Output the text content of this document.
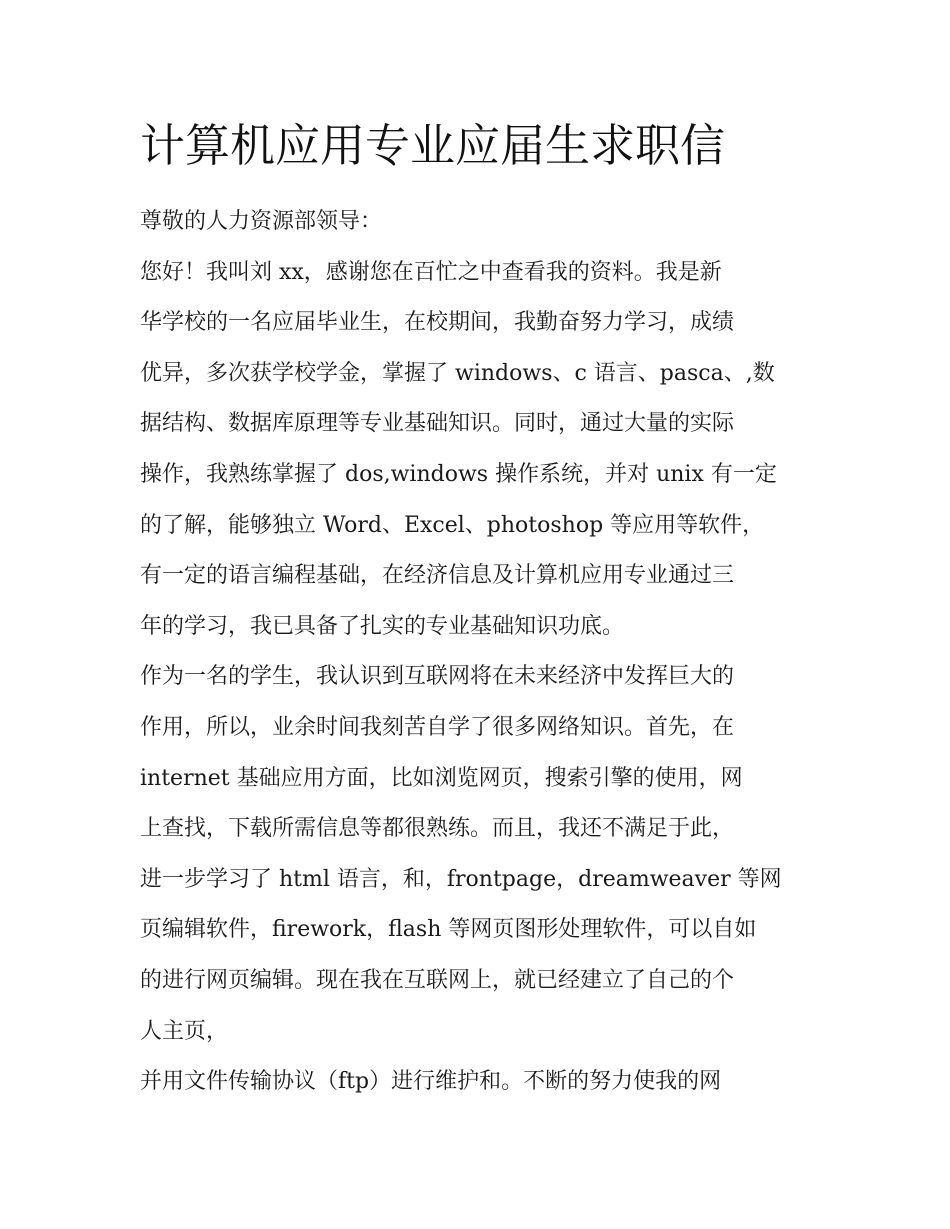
计算机应用专业应届生求职信

尊敬的人力资源部领导：

您好！我叫刘 xx，感谢您在百忙之中查看我的资料。我是新

华学校的一名应届毕业生，在校期间，我勤奋努力学习，成绩

优异，多次获学校学金，掌握了 windows、c 语言、pasca、,数

据结构、数据库原理等专业基础知识。同时，通过大量的实际

操作，我熟练掌握了 dos,windows 操作系统，并对 unix 有一定

的了解，能够独立 Word、Excel、photoshop 等应用等软件，

有一定的语言编程基础，在经济信息及计算机应用专业通过三

年的学习，我已具备了扎实的专业基础知识功底。

作为一名的学生，我认识到互联网将在未来经济中发挥巨大的

作用，所以，业余时间我刻苦自学了很多网络知识。首先，在

internet 基础应用方面，比如浏览网页，搜索引擎的使用，网

上查找，下载所需信息等都很熟练。而且，我还不满足于此，

进一步学习了 html 语言，和，frontpage，dreamweaver 等网

页编辑软件，firework，flash 等网页图形处理软件，可以自如

的进行网页编辑。现在我在互联网上，就已经建立了自己的个

人主页，

并用文件传输协议（ftp）进行维护和。不断的努力使我的网
